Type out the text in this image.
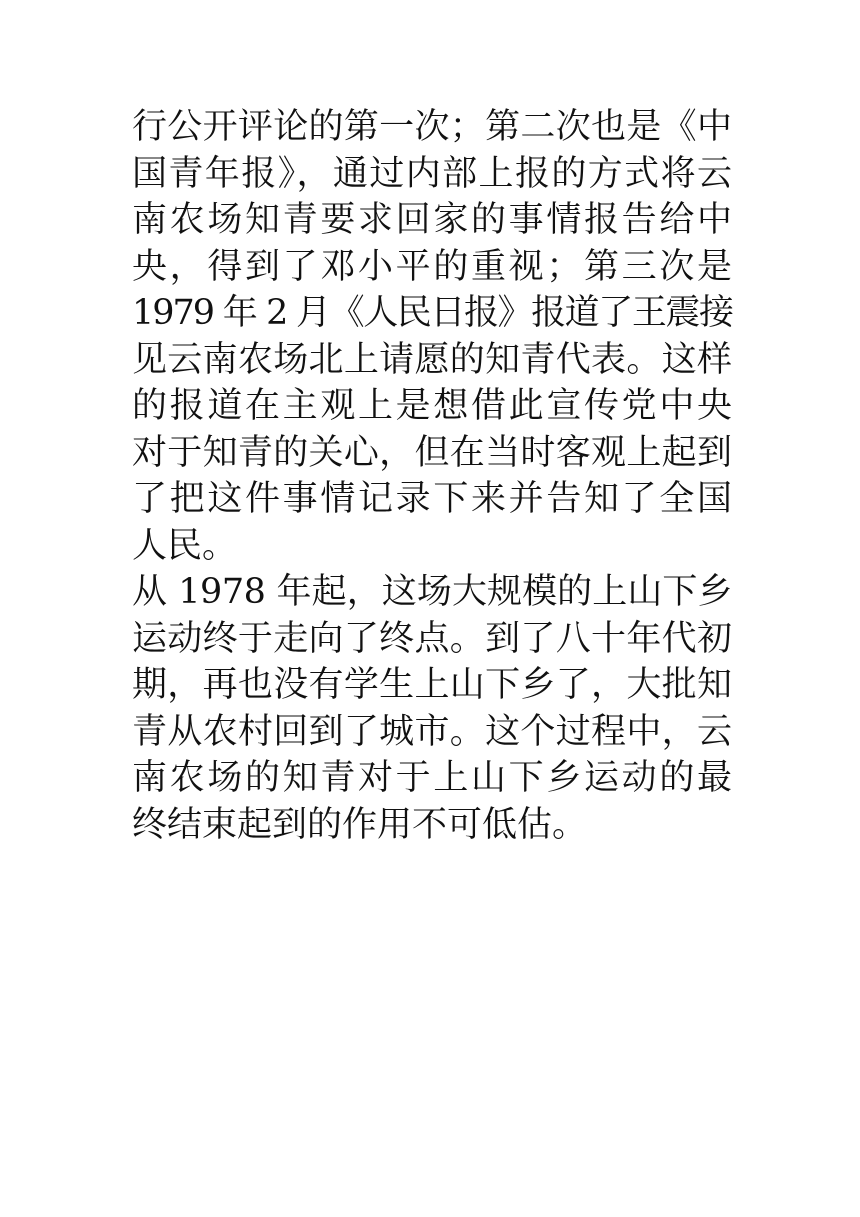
行公开评论的第一次；第二次也是《中
国青年报》，通过内部上报的方式将云
南农场知青要求回家的事情报告给中
央，得到了邓小平的重视；第三次是
1979 年 2 月《人民日报》报道了王震接
见云南农场北上请愿的知青代表。这样
的报道在主观上是想借此宣传党中央
对于知青的关心，但在当时客观上起到
了把这件事情记录下来并告知了全国
人民。

从 1978 年起，这场大规模的上山下乡
运动终于走向了终点。到了八十年代初
期，再也没有学生上山下乡了，大批知
青从农村回到了城市。这个过程中，云
南农场的知青对于上山下乡运动的最
终结束起到的作用不可低估。
